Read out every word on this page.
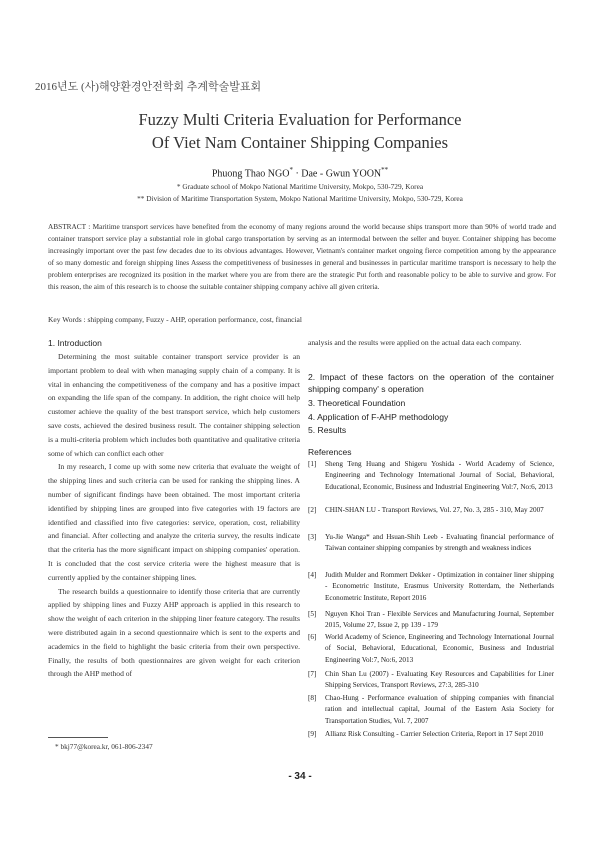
2016년도 (사)해양환경안전학회 추계학술발표회
Fuzzy Multi Criteria Evaluation for Performance
Of Viet Nam Container Shipping Companies
Phuong Thao NGO* · Dae - Gwun YOON**
* Graduate school of Mokpo National Maritime University, Mokpo, 530-729, Korea
** Division of Maritime Transportation System, Mokpo National Maritime University, Mokpo, 530-729, Korea
ABSTRACT : Maritime transport services have benefited from the economy of many regions around the world because ships transport more than 90% of world trade and container transport service play a substantial role in global cargo transportation by serving as an intermodal between the seller and buyer. Container shipping has become increasingly important over the past few decades due to its obvious advantages. However, Vietnam's container market ongoing fierce competition among by the appearance of so many domestic and foreign shipping lines Assess the competitiveness of businesses in general and businesses in particular maritime transport is necessary to help the problem enterprises are recognized its position in the market where you are from there are the strategic Put forth and reasonable policy to be able to survive and grow. For this reason, the aim of this research is to choose the suitable container shipping company achive all given criteria.
Key Words : shipping company, Fuzzy - AHP, operation performance, cost, financial
1. Introduction

Determining the most suitable container transport service provider is an important problem to deal with when managing supply chain of a company. It is vital in enhancing the competitiveness of the company and has a positive impact on expanding the life span of the company. In addition, the right choice will help customer achieve the quality of the best transport service, which help customers save costs, achieved the desired business result. The container shipping selection is a multi-criteria problem which includes both quantitative and qualitative criteria some of which can conflict each other

In my research, I come up with some new criteria that evaluate the weight of the shipping lines and such criteria can be used for ranking the shipping lines. A number of significant findings have been obtained. The most important criteria identified by shipping lines are grouped into five categories with 19 factors are identified and classified into five categories: service, operation, cost, reliability and financial. After collecting and analyze the criteria survey, the results indicate that the criteria has the more significant impact on shipping companies' operation. It is concluded that the cost service criteria were the highest measure that is currently applied by the container shipping lines.

The research builds a questionnaire to identify those criteria that are currently applied by shipping lines and Fuzzy AHP approach is applied in this research to show the weight of each criterion in the shipping liner feature category. The results were distributed again in a second questionnaire which is sent to the experts and academics in the field to highlight the basic criteria from their own perspective. Finally, the results of both questionnaires are given weight for each criterion through the AHP method of

analysis and the results were applied on the actual data each company.
2. Impact of these factors on the operation of the container shipping company' s operation
3. Theoretical Foundation
4. Application of F-AHP methodology
5. Results
References
[1] Sheng Teng Huang and Shigeru Yoshida - World Academy of Science, Engineering and Technology International Journal of Social, Behavioral, Educational, Economic, Business and Industrial Engineering Vol:7, No:6, 2013
[2] CHIN-SHAN LU - Transport Reviews, Vol. 27, No. 3, 285 - 310, May 2007
[3] Yu-Jie Wanga* and Hsuan-Shih Leeb - Evaluating financial performance of Taiwan container shipping companies by strength and weakness indices
[4] Judith Mulder and Rommert Dekker - Optimization in container liner shipping - Econometric Institute, Erasmus University Rotterdam, the Netherlands Econometric Institute, Report 2016
[5] Nguyen Khoi Tran - Flexible Services and Manufacturing Journal, September 2015, Volume 27, Issue 2, pp 139 - 179
[6] World Academy of Science, Engineering and Technology International Journal of Social, Behavioral, Educational, Economic, Business and Industrial Engineering Vol:7, No:6, 2013
[7] Chin Shan Lu (2007) - Evaluating Key Resources and Capabilities for Liner Shipping Services, Transport Reviews, 27:3, 285-310
[8] Chao-Hung - Performance evaluation of shipping companies with financial ration and intellectual capital, Journal of the Eastern Asia Society for Transportation Studies, Vol. 7, 2007
[9] Allianz Risk Consulting - Carrier Selection Criteria, Report in 17 Sept 2010
* bkj77@korea.kr, 061-806-2347
- 34 -
